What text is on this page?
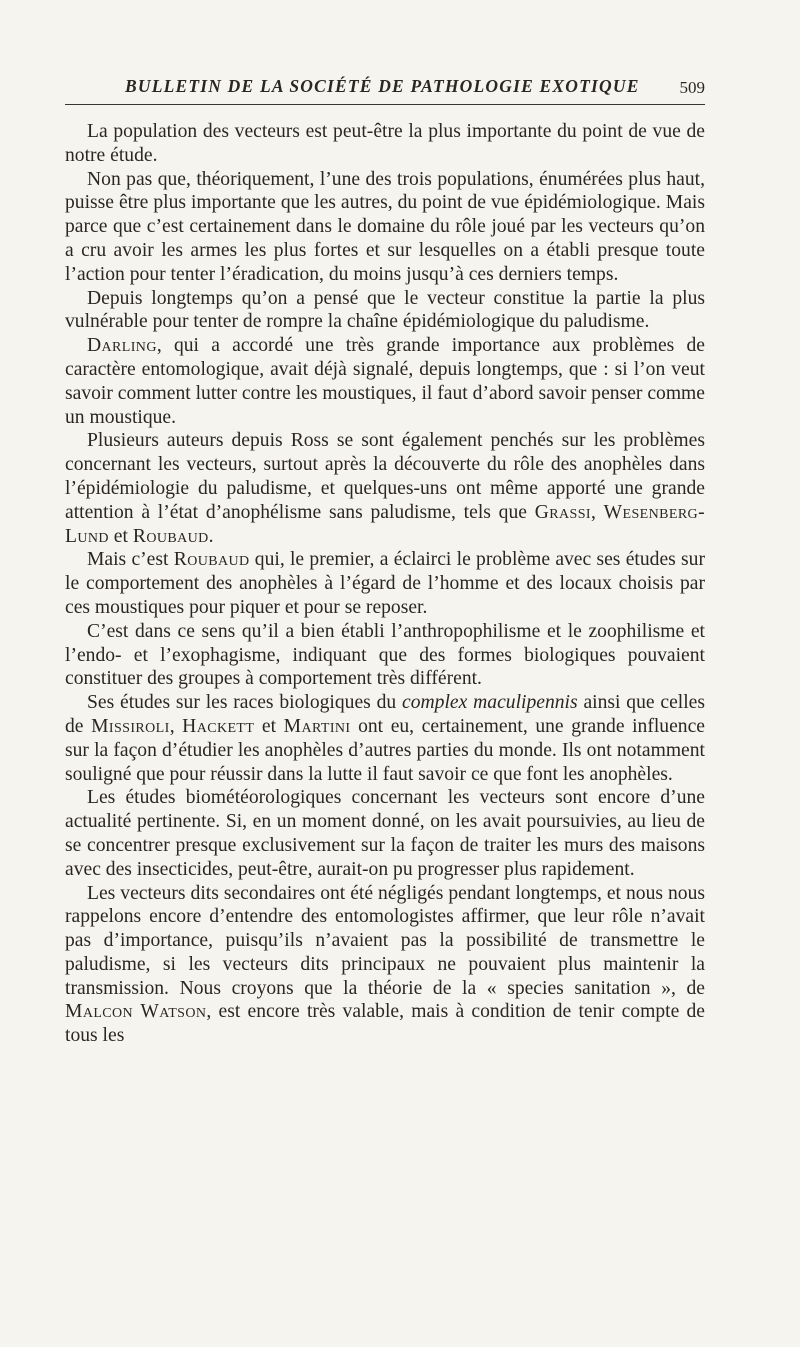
BULLETIN DE LA SOCIÉTÉ DE PATHOLOGIE EXOTIQUE 509

La population des vecteurs est peut-être la plus importante du point de vue de notre étude.

Non pas que, théoriquement, l’une des trois populations, énumérées plus haut, puisse être plus importante que les autres, du point de vue épidémiologique. Mais parce que c’est certainement dans le domaine du rôle joué par les vecteurs qu’on a cru avoir les armes les plus fortes et sur lesquelles on a établi presque toute l’action pour tenter l’éradication, du moins jusqu’à ces derniers temps.

Depuis longtemps qu’on a pensé que le vecteur constitue la partie la plus vulnérable pour tenter de rompre la chaîne épidémiologique du paludisme.

Darling, qui a accordé une très grande importance aux problèmes de caractère entomologique, avait déjà signalé, depuis longtemps, que : si l’on veut savoir comment lutter contre les moustiques, il faut d’abord savoir penser comme un moustique.

Plusieurs auteurs depuis Ross se sont également penchés sur les problèmes concernant les vecteurs, surtout après la découverte du rôle des anophèles dans l’épidémiologie du paludisme, et quelques-uns ont même apporté une grande attention à l’état d’anophélisme sans paludisme, tels que Grassi, Wesenberg-Lund et Roubaud.

Mais c’est Roubaud qui, le premier, a éclairci le problème avec ses études sur le comportement des anophèles à l’égard de l’homme et des locaux choisis par ces moustiques pour piquer et pour se reposer.

C’est dans ce sens qu’il a bien établi l’anthropophilisme et le zoophilisme et l’endo- et l’exophagisme, indiquant que des formes biologiques pouvaient constituer des groupes à comportement très différent.

Ses études sur les races biologiques du complex maculipennis ainsi que celles de Missiroli, Hackett et Martini ont eu, certainement, une grande influence sur la façon d’étudier les anophèles d’autres parties du monde. Ils ont notamment souligné que pour réussir dans la lutte il faut savoir ce que font les anophèles.

Les études biométéorologiques concernant les vecteurs sont encore d’une actualité pertinente. Si, en un moment donné, on les avait poursuivies, au lieu de se concentrer presque exclusivement sur la façon de traiter les murs des maisons avec des insecticides, peut-être, aurait-on pu progresser plus rapidement.

Les vecteurs dits secondaires ont été négligés pendant longtemps, et nous nous rappelons encore d’entendre des entomologistes affirmer, que leur rôle n’avait pas d’importance, puisqu’ils n’avaient pas la possibilité de transmettre le paludisme, si les vecteurs dits principaux ne pouvaient plus maintenir la transmission. Nous croyons que la théorie de la « species sanitation », de Malcon Watson, est encore très valable, mais à condition de tenir compte de tous les
